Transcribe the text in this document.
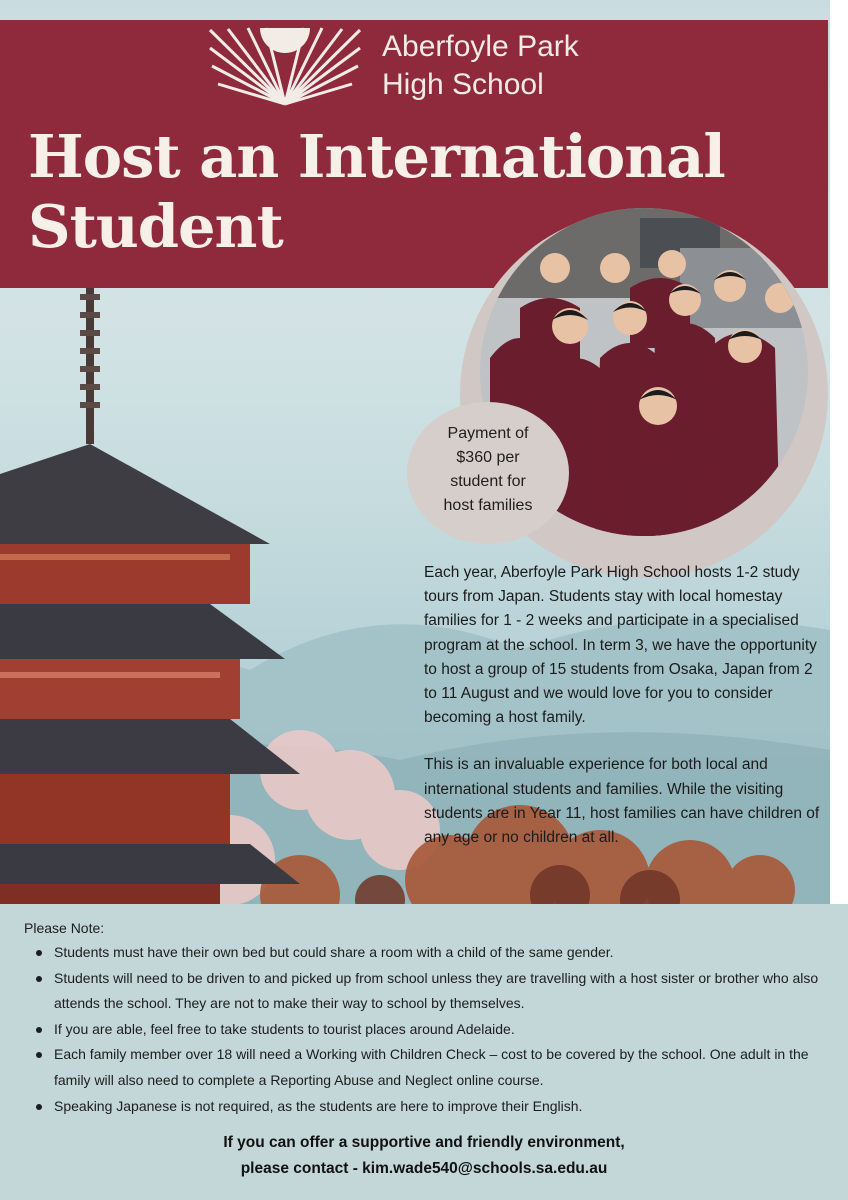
Aberfoyle Park
High School
Host an International
Student
Payment of
$360 per
student for
host families

Each year, Aberfoyle Park High School hosts 1-2 study tours from Japan. Students stay with local homestay families for 1 - 2 weeks and participate in a specialised program at the school. In term 3, we have the opportunity to host a group of 15 students from Osaka, Japan from 2 to 11 August and we would love for you to consider becoming a host family.

This is an invaluable experience for both local and international students and families. While the visiting students are in Year 11, host families can have children of any age or no children at all.

Please Note:
Students must have their own bed but could share a room with a child of the same gender.
Students will need to be driven to and picked up from school unless they are travelling with a host sister or brother who also attends the school. They are not to make their way to school by themselves.
If you are able, feel free to take students to tourist places around Adelaide.
Each family member over 18 will need a Working with Children Check – cost to be covered by the school. One adult in the family will also need to complete a Reporting Abuse and Neglect online course.
Speaking Japanese is not required, as the students are here to improve their English.
If you can offer a supportive and friendly environment,
please contact - kim.wade540@schools.sa.edu.au
